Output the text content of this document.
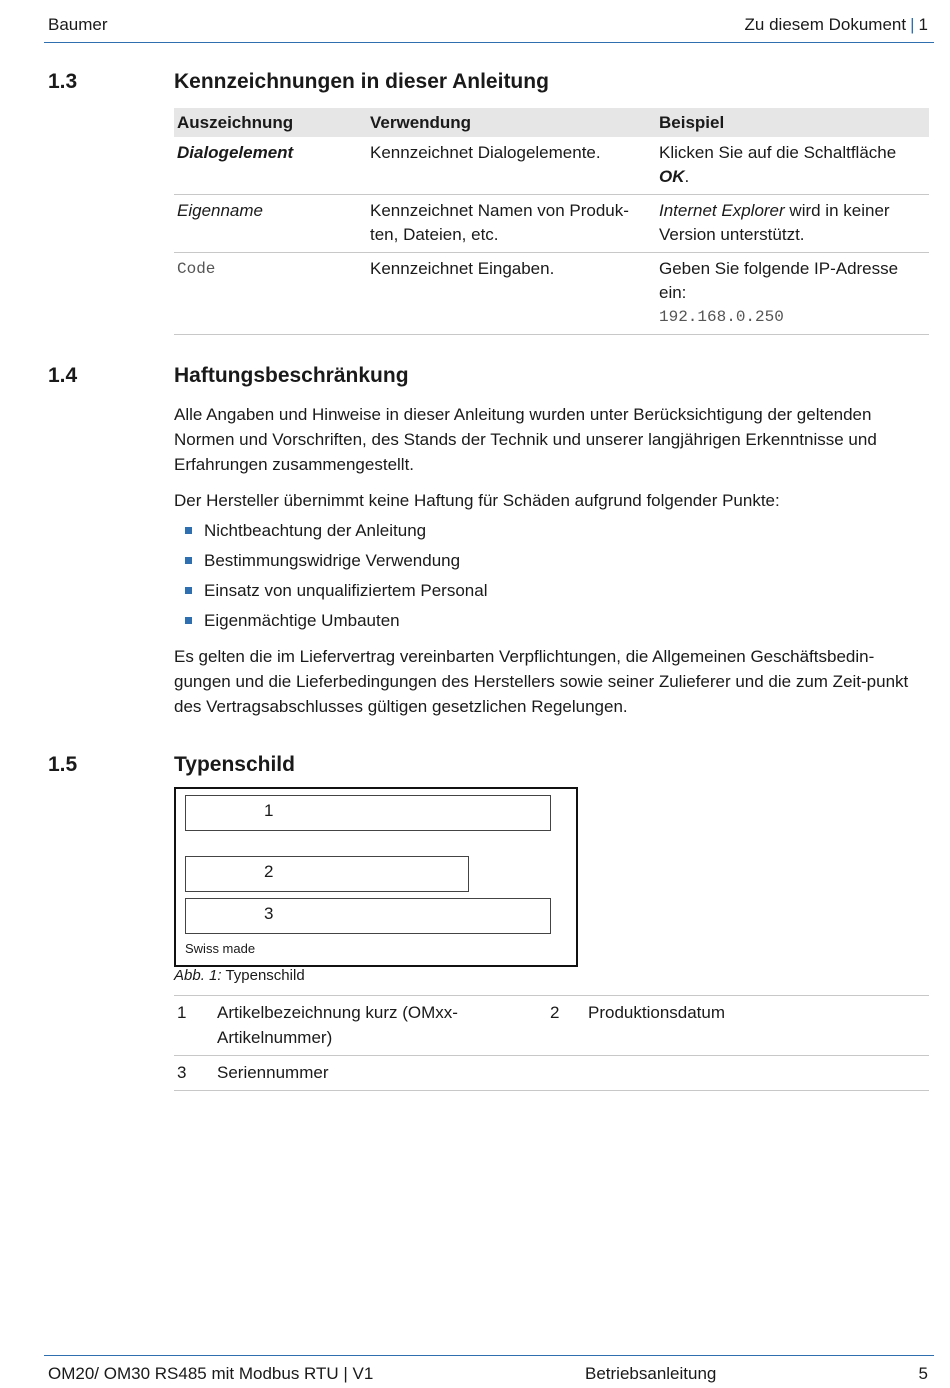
Baumer	Zu diesem Dokument | 1
1.3	Kennzeichnungen in dieser Anleitung
Auszeichnung	Verwendung	Beispiel
Dialogelement	Kennzeichnet Dialogelemente.	Klicken Sie auf die Schaltfläche OK.
Eigenname	Kennzeichnet Namen von Produk-ten, Dateien, etc.	Internet Explorer wird in keiner Version unterstützt.
Code	Kennzeichnet Eingaben.	Geben Sie folgende IP-Adresse ein:
192.168.0.250
1.4	Haftungsbeschränkung
Alle Angaben und Hinweise in dieser Anleitung wurden unter Berücksichtigung der geltenden Normen und Vorschriften, des Stands der Technik und unserer langjährigen Erkenntnisse und Erfahrungen zusammengestellt.
Der Hersteller übernimmt keine Haftung für Schäden aufgrund folgender Punkte:
Nichtbeachtung der Anleitung
Bestimmungswidrige Verwendung
Einsatz von unqualifiziertem Personal
Eigenmächtige Umbauten
Es gelten die im Liefervertrag vereinbarten Verpflichtungen, die Allgemeinen Geschäftsbedin-gungen und die Lieferbedingungen des Herstellers sowie seiner Zulieferer und die zum Zeit-punkt des Vertragsabschlusses gültigen gesetzlichen Regelungen.
1.5	Typenschild
1
2
3
Swiss made
Abb. 1: Typenschild
1	Artikelbezeichnung kurz (OMxx-Artikelnummer)	2	Produktionsdatum
3	Seriennummer		
OM20/ OM30 RS485 mit Modbus RTU | V1	Betriebsanleitung	5
